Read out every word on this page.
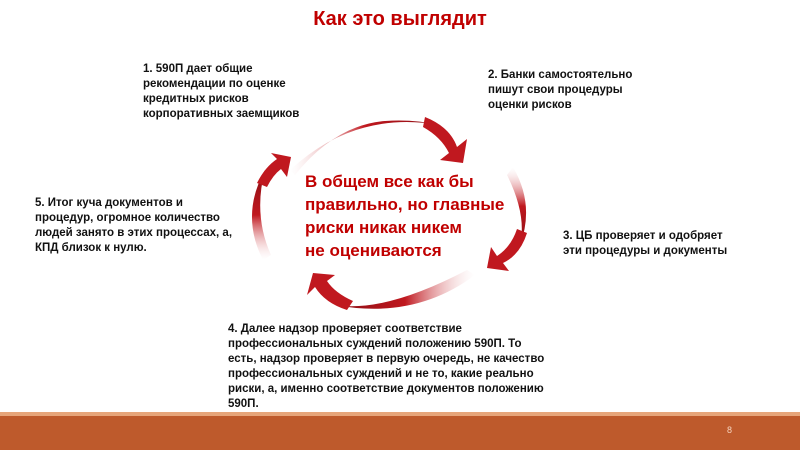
Как это выглядит
1. 590П дает общие
рекомендации по оценке
кредитных рисков
корпоративных заемщиков
2. Банки самостоятельно
пишут свои процедуры
оценки рисков
3. ЦБ проверяет и одобряет
эти процедуры и документы
4. Далее надзор проверяет соответствие
профессиональных суждений положению 590П. То
есть, надзор проверяет в первую очередь, не качество
профессиональных суждений и не то, какие реально
риски, а, именно соответствие документов положению
590П.
5. Итог куча документов и
процедур, огромное количество
людей занято в этих процессах, а,
КПД близок к нулю.
В общем все как бы
правильно, но главные
риски никак никем
не оцениваются
8
